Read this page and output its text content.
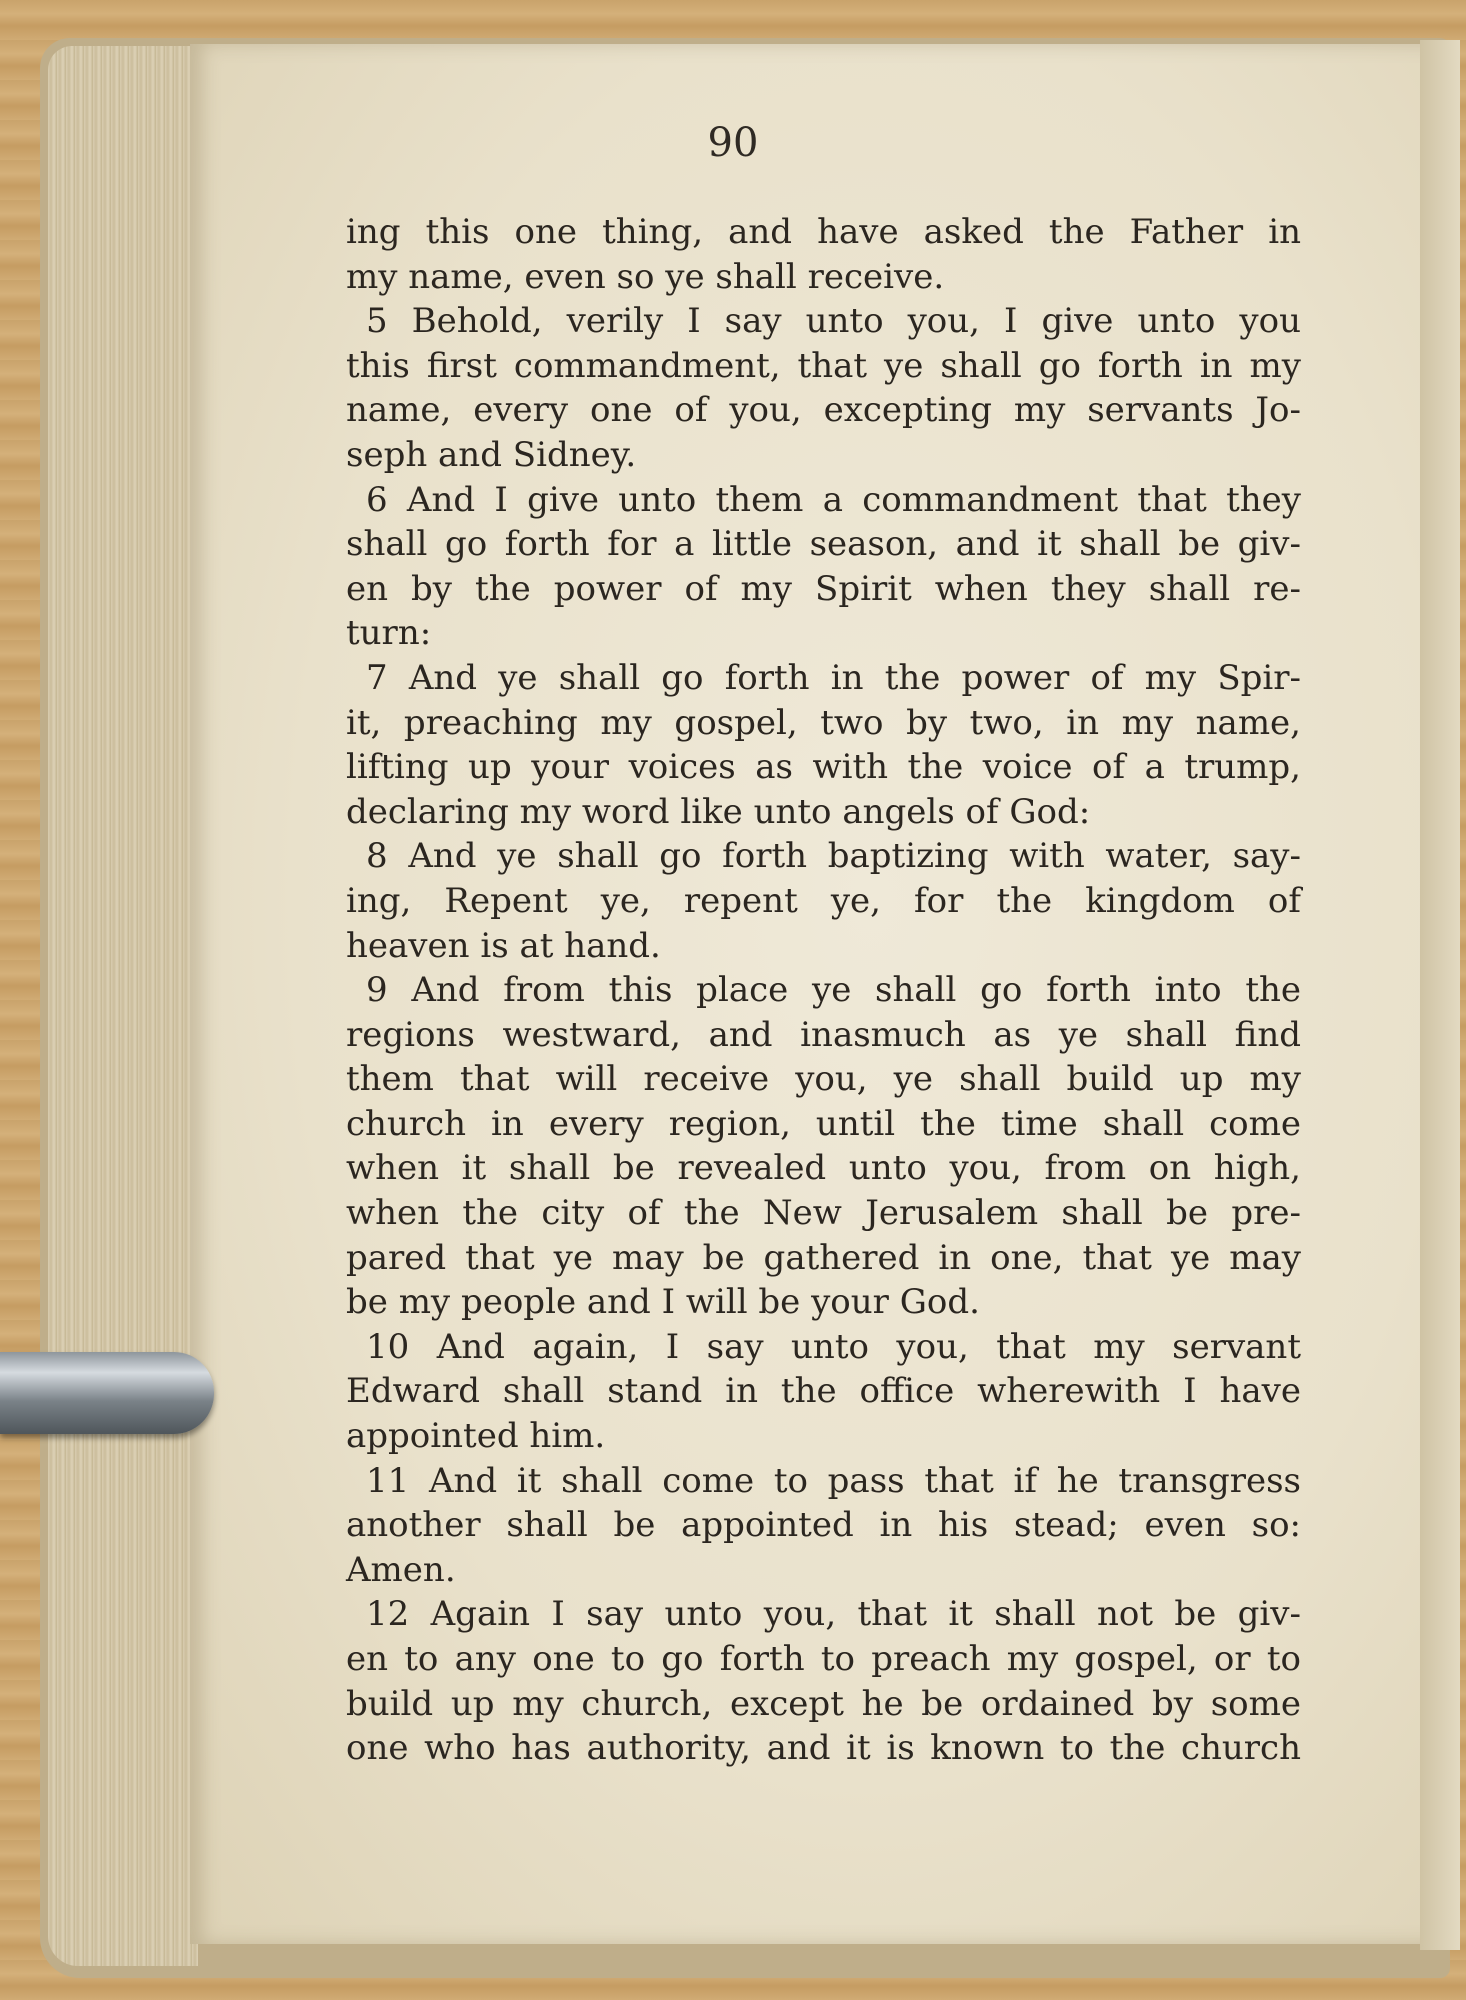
90
ing this one thing, and have asked the Father in
my name, even so ye shall receive.
5 Behold, verily I say unto you, I give unto you
this first commandment, that ye shall go forth in my
name, every one of you, excepting my servants Jo-
seph and Sidney.
6 And I give unto them a commandment that they
shall go forth for a little season, and it shall be giv-
en by the power of my Spirit when they shall re-
turn:
7 And ye shall go forth in the power of my Spir-
it, preaching my gospel, two by two, in my name,
lifting up your voices as with the voice of a trump,
declaring my word like unto angels of God:
8 And ye shall go forth baptizing with water, say-
ing, Repent ye, repent ye, for the kingdom of
heaven is at hand.
9 And from this place ye shall go forth into the
regions westward, and inasmuch as ye shall find
them that will receive you, ye shall build up my
church in every region, until the time shall come
when it shall be revealed unto you, from on high,
when the city of the New Jerusalem shall be pre-
pared that ye may be gathered in one, that ye may
be my people and I will be your God.
10 And again, I say unto you, that my servant
Edward shall stand in the office wherewith I have
appointed him.
11 And it shall come to pass that if he transgress
another shall be appointed in his stead; even so:
Amen.
12 Again I say unto you, that it shall not be giv-
en to any one to go forth to preach my gospel, or to
build up my church, except he be ordained by some
one who has authority, and it is known to the church
